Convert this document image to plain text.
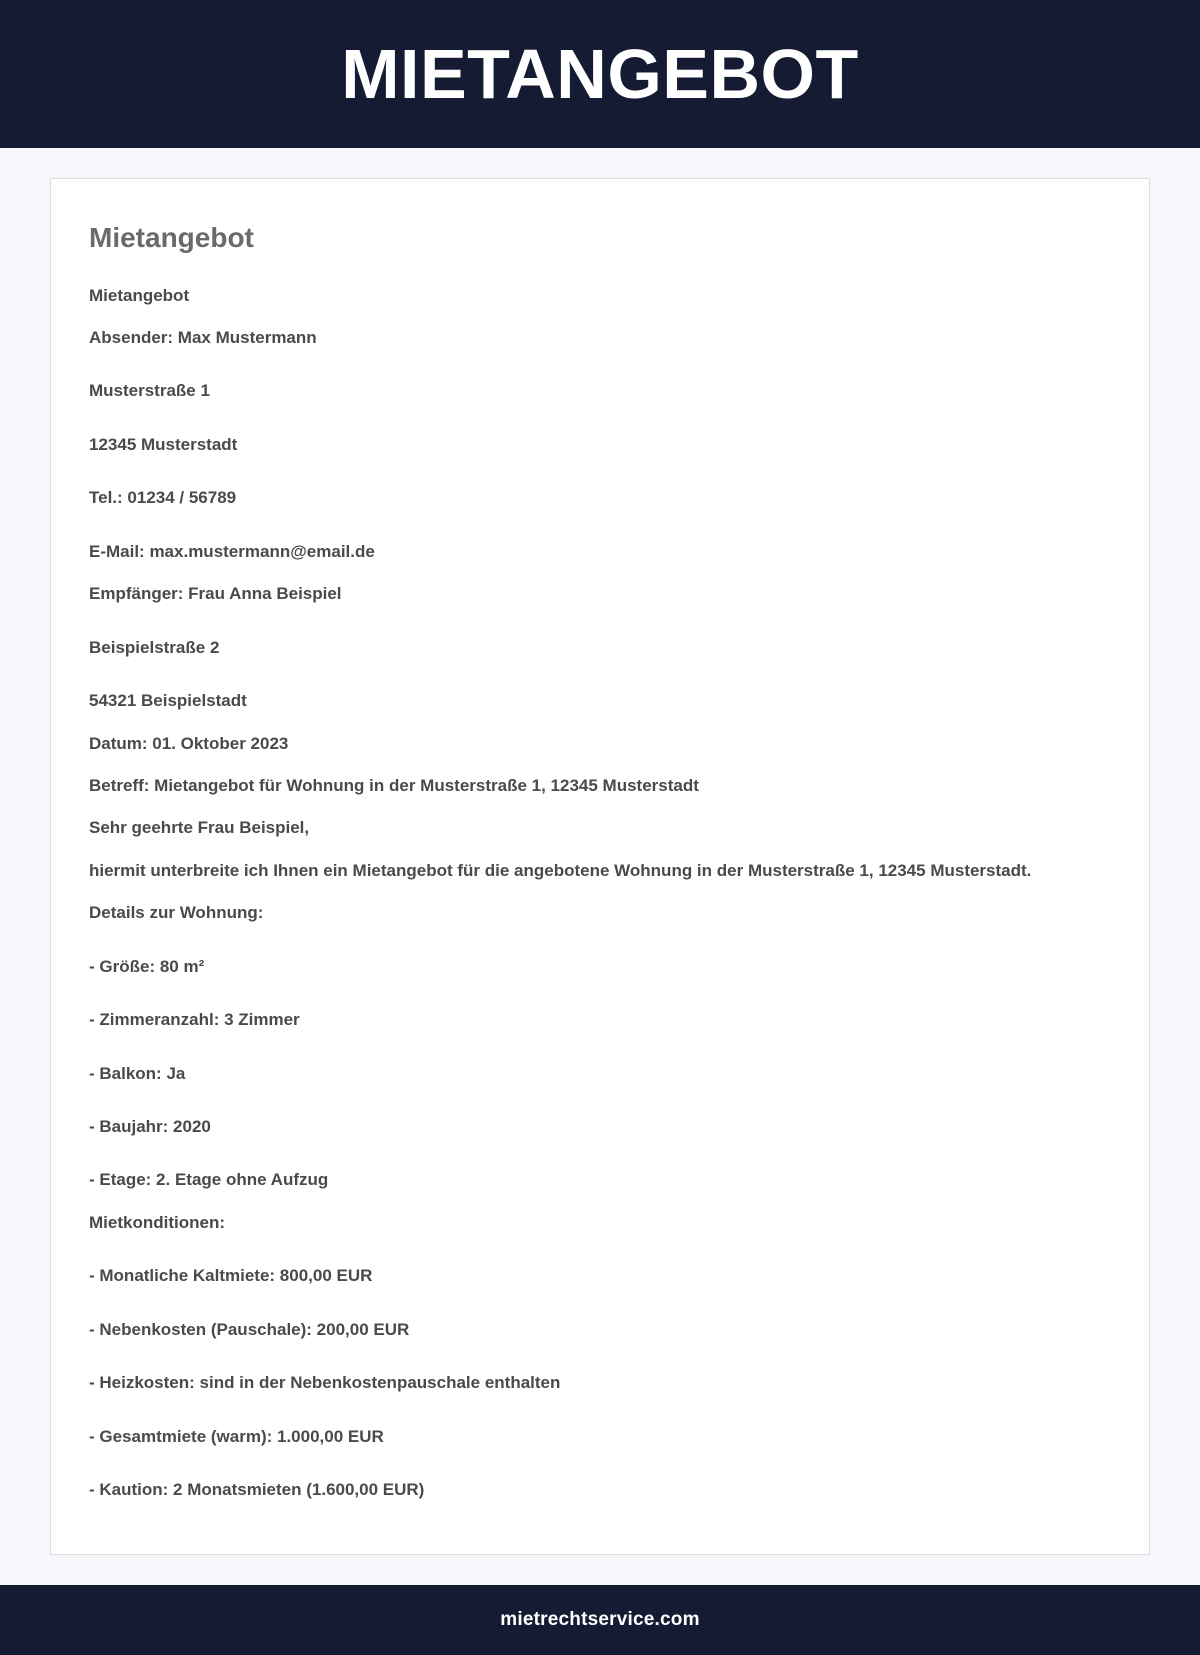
MIETANGEBOT
Mietangebot

Mietangebot

Absender: Max Mustermann

Musterstraße 1

12345 Musterstadt

Tel.: 01234 / 56789

E-Mail: max.mustermann@email.de

Empfänger: Frau Anna Beispiel

Beispielstraße 2

54321 Beispielstadt

Datum: 01. Oktober 2023

Betreff: Mietangebot für Wohnung in der Musterstraße 1, 12345 Musterstadt

Sehr geehrte Frau Beispiel,

hiermit unterbreite ich Ihnen ein Mietangebot für die angebotene Wohnung in der Musterstraße 1, 12345 Musterstadt.

Details zur Wohnung:

- Größe: 80 m²

- Zimmeranzahl: 3 Zimmer

- Balkon: Ja

- Baujahr: 2020

- Etage: 2. Etage ohne Aufzug

Mietkonditionen:

- Monatliche Kaltmiete: 800,00 EUR

- Nebenkosten (Pauschale): 200,00 EUR

- Heizkosten: sind in der Nebenkostenpauschale enthalten

- Gesamtmiete (warm): 1.000,00 EUR

- Kaution: 2 Monatsmieten (1.600,00 EUR)

mietrechtservice.com
